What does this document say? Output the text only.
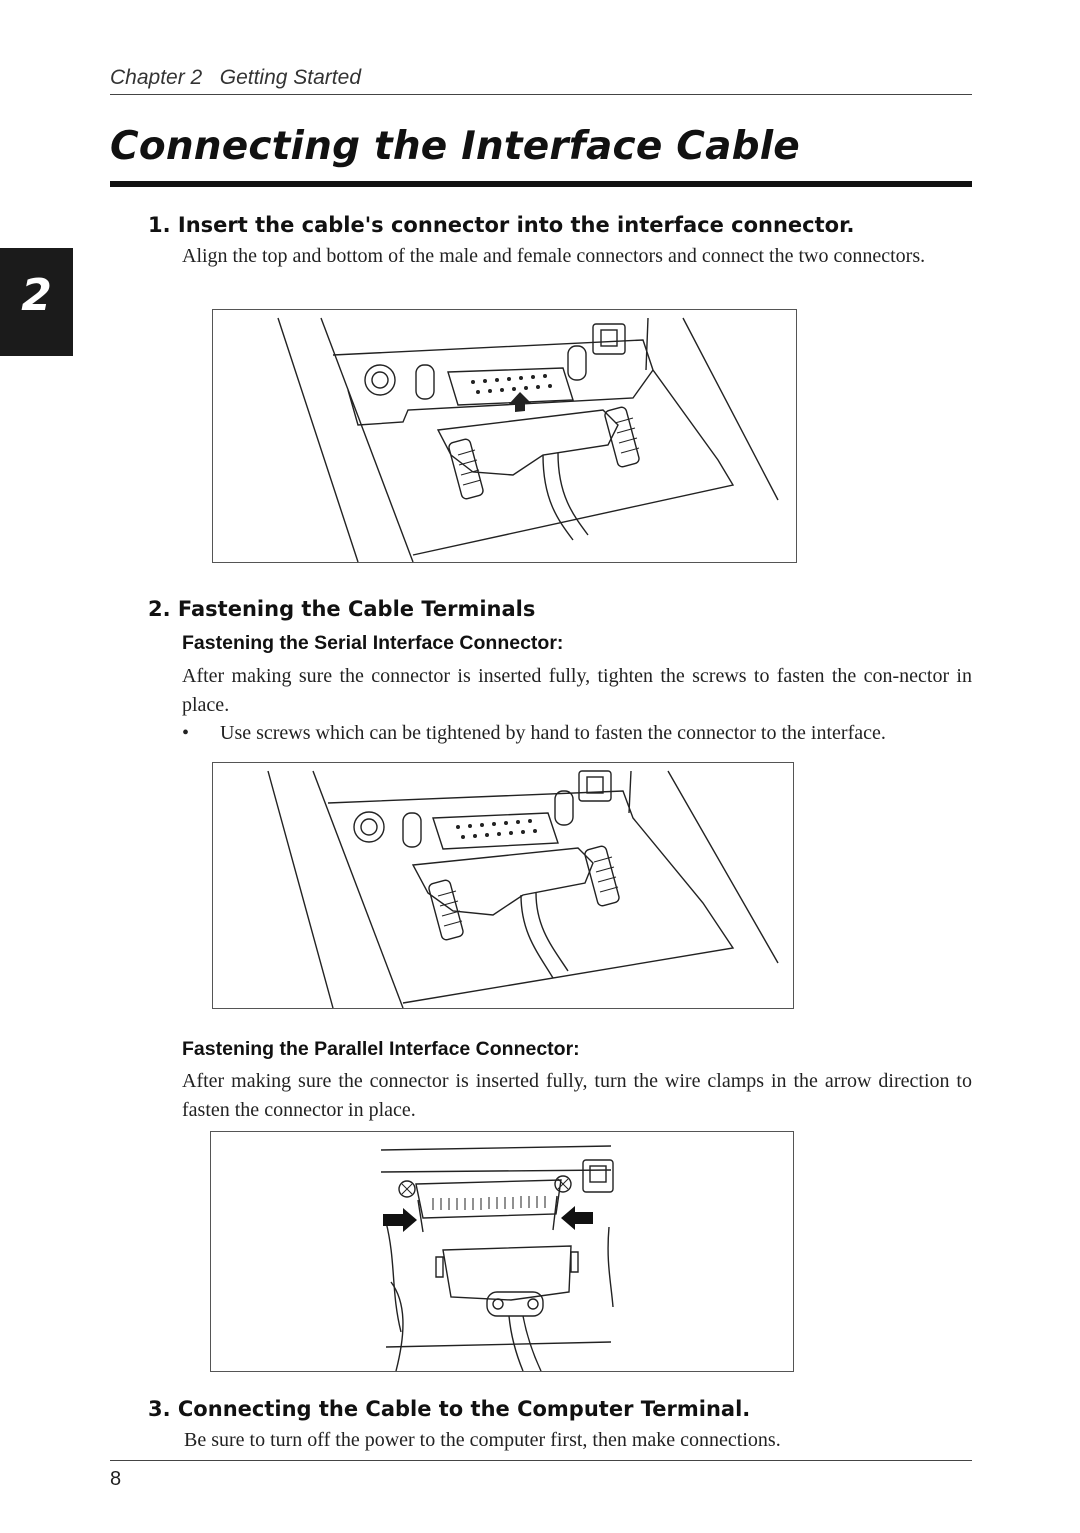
Chapter 2 Getting Started
Connecting the Interface Cable
2
1. Insert the cable's connector into the interface connector.
Align the top and bottom of the male and female connectors and connect the two connectors.
2. Fastening the Cable Terminals
Fastening the Serial Interface Connector:
After making sure the connector is inserted fully, tighten the screws to fasten the con-nector in place.
•	Use screws which can be tightened by hand to fasten the connector to the interface.
Fastening the Parallel Interface Connector:
After making sure the connector is inserted fully, turn the wire clamps in the arrow direction to fasten the connector in place.
3. Connecting the Cable to the Computer Terminal.
Be sure to turn off the power to the computer first, then make connections.
8
